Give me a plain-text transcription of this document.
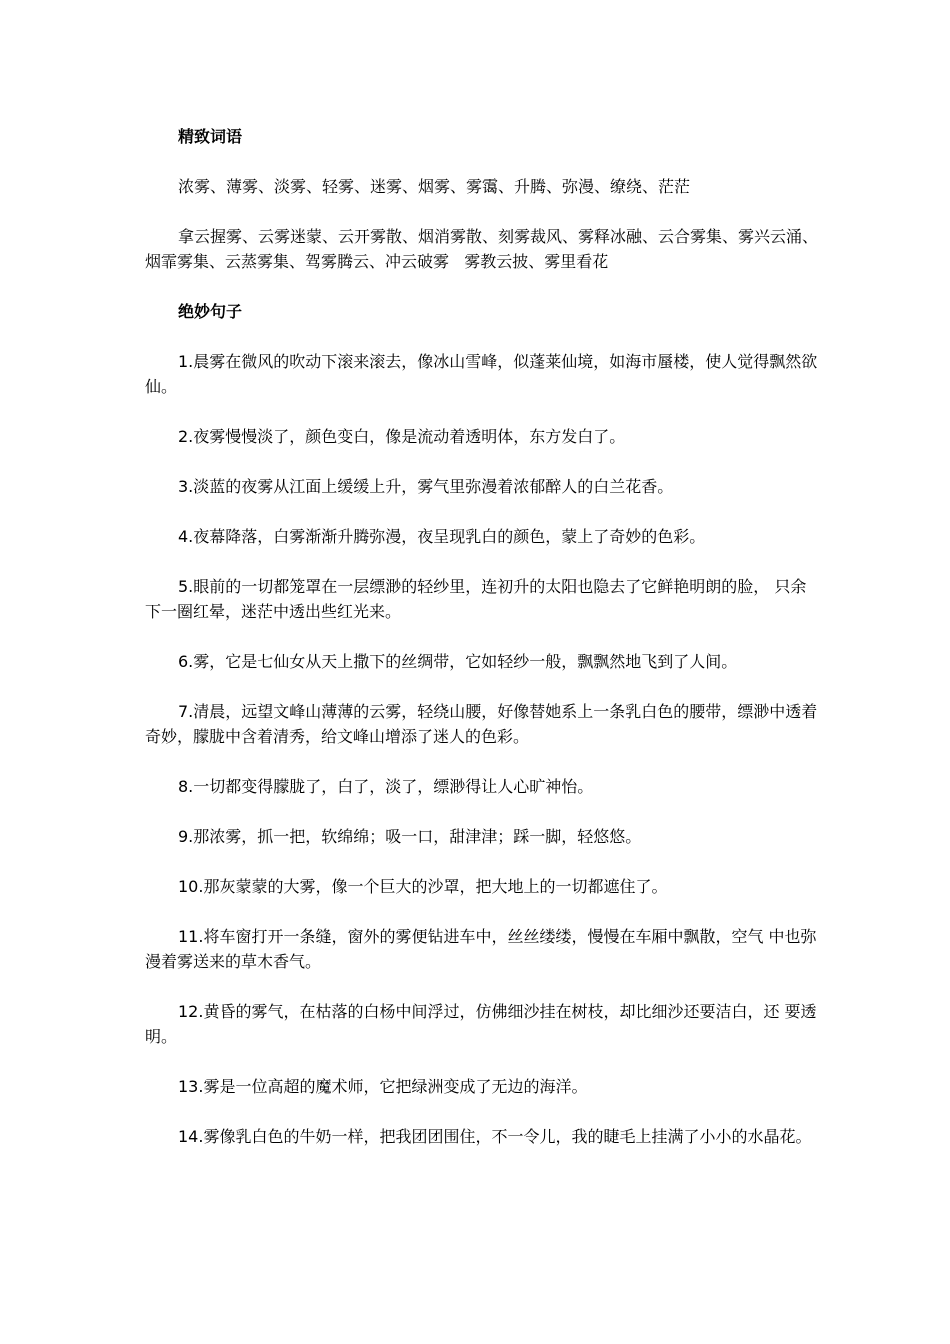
精致词语

浓雾、薄雾、淡雾、轻雾、迷雾、烟雾、雾霭、升腾、弥漫、缭绕、茫茫

拿云握雾、云雾迷蒙、云开雾散、烟消雾散、刻雾裁风、雾释冰融、云合雾集、雾兴云涌、 烟霏雾集、云蒸雾集、驾雾腾云、冲云破雾   雾教云披、雾里看花

绝妙句子

1.晨雾在微风的吹动下滚来滚去，像冰山雪峰，似蓬莱仙境，如海市蜃楼，使人觉得飘然欲仙。

2.夜雾慢慢淡了，颜色变白，像是流动着透明体，东方发白了。

3.淡蓝的夜雾从江面上缓缓上升，雾气里弥漫着浓郁醉人的白兰花香。

4.夜幕降落，白雾渐渐升腾弥漫，夜呈现乳白的颜色，蒙上了奇妙的色彩。

5.眼前的一切都笼罩在一层缥渺的轻纱里，连初升的太阳也隐去了它鲜艳明朗的脸， 只余下一圈红晕，迷茫中透出些红光来。

6.雾，它是七仙女从天上撒下的丝绸带，它如轻纱一般，飘飘然地飞到了人间。

7.清晨，远望文峰山薄薄的云雾，轻绕山腰，好像替她系上一条乳白色的腰带，缥渺中透着奇妙，朦胧中含着清秀，给文峰山增添了迷人的色彩。

8.一切都变得朦胧了，白了，淡了，缥渺得让人心旷神怡。

9.那浓雾，抓一把，软绵绵；吸一口，甜津津；踩一脚，轻悠悠。

10.那灰蒙蒙的大雾，像一个巨大的沙罩，把大地上的一切都遮住了。

11.将车窗打开一条缝，窗外的雾便钻进车中，丝丝缕缕，慢慢在车厢中飘散，空气 中也弥漫着雾送来的草木香气。

12.黄昏的雾气，在枯落的白杨中间浮过，仿佛细沙挂在树枝，却比细沙还要洁白，还 要透明。

13.雾是一位高超的魔术师，它把绿洲变成了无边的海洋。

14.雾像乳白色的牛奶一样，把我团团围住，不一令儿，我的睫毛上挂满了小小的水晶花。
